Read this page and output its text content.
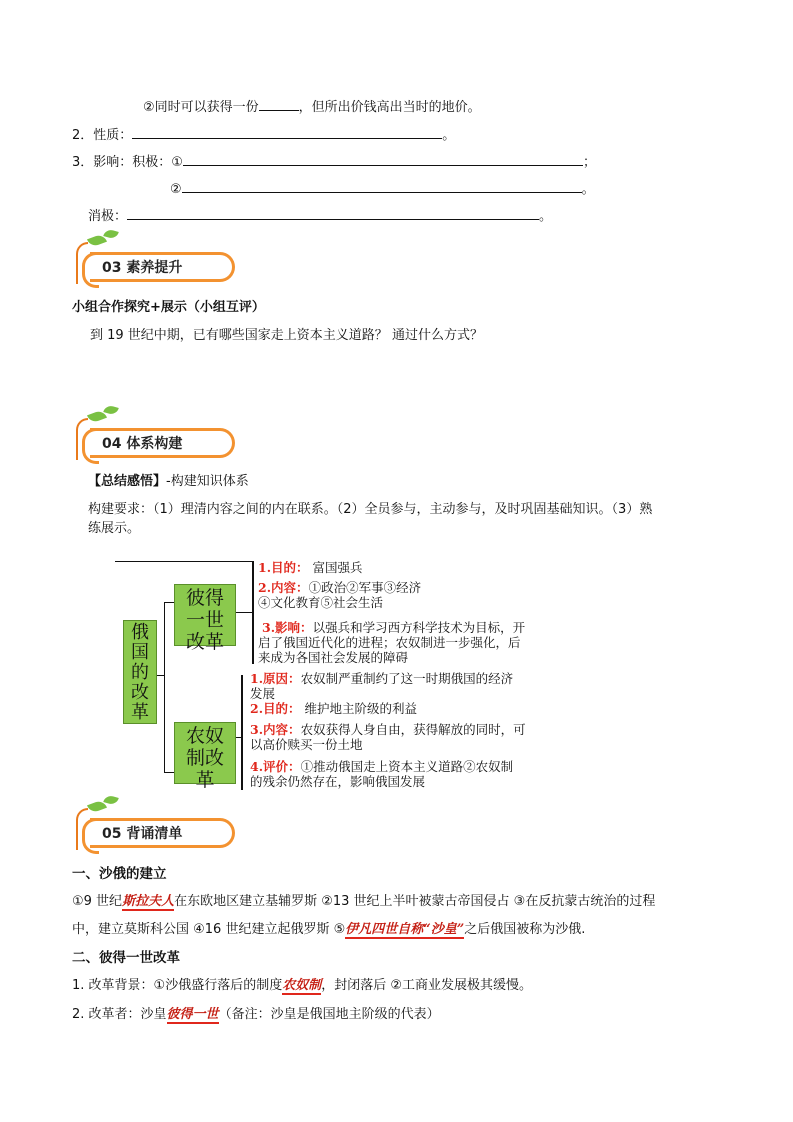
②同时可以获得一份	，但所出价钱高出当时的地价。
2．性质：	。
3．影响：积极：①	；
②	。
消极：	。
03 素养提升
小组合作探究+展示（小组互评）
到 19 世纪中期，已有哪些国家走上资本主义道路？ 通过什么方式？
04 体系构建
【总结感悟】-构建知识体系
构建要求：（1）理清内容之间的内在联系。（2）全员参与，主动参与，及时巩固基础知识。（3）熟
练展示。
俄国的改革
彼得一世改革
农奴制改革
1.目的： 富国强兵
2.内容：①政治②军事③经济
④文化教育⑤社会生活
3.影响：以强兵和学习西方科学技术为目标，开
启了俄国近代化的进程；农奴制进一步强化，后
来成为各国社会发展的障碍
1.原因：农奴制严重制约了这一时期俄国的经济
发展
2.目的： 维护地主阶级的利益
3.内容：农奴获得人身自由，获得解放的同时，可
以高价赎买一份土地
4.评价：①推动俄国走上资本主义道路②农奴制
的残余仍然存在，影响俄国发展
05 背诵清单
一、沙俄的建立
①9 世纪斯拉夫人在东欧地区建立基辅罗斯 ②13 世纪上半叶被蒙古帝国侵占 ③在反抗蒙古统治的过程
中，建立莫斯科公国 ④16 世纪建立起俄罗斯 ⑤伊凡四世自称“沙皇”之后俄国被称为沙俄.
二、彼得一世改革
1. 改革背景：①沙俄盛行落后的制度农奴制，封闭落后 ②工商业发展极其缓慢。
2. 改革者：沙皇彼得一世（备注：沙皇是俄国地主阶级的代表）
